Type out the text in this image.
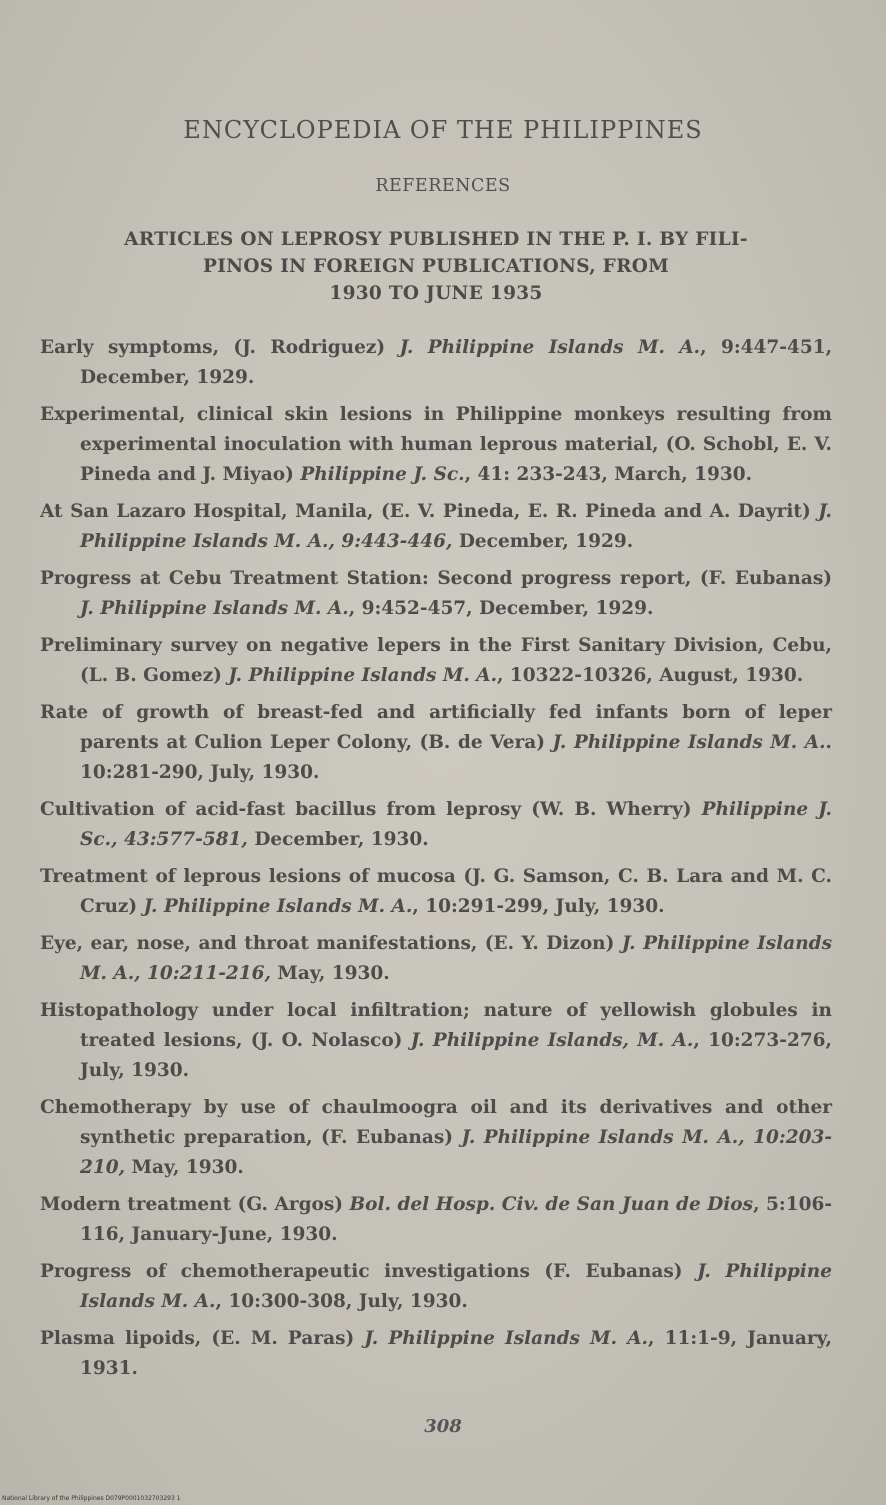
ENCYCLOPEDIA OF THE PHILIPPINES
REFERENCES
ARTICLES ON LEPROSY PUBLISHED IN THE P. I. BY FILI-
PINOS IN FOREIGN PUBLICATIONS, FROM
1930 TO JUNE 1935
Early symptoms, (J. Rodriguez) J. Philippine Islands M. A., 9:447-451, December, 1929.
Experimental, clinical skin lesions in Philippine monkeys resulting from experimental inoculation with human leprous material, (O. Schobl, E. V. Pineda and J. Miyao) Philippine J. Sc., 41: 233-243, March, 1930.
At San Lazaro Hospital, Manila, (E. V. Pineda, E. R. Pineda and A. Dayrit) J. Philippine Islands M. A., 9:443-446, December, 1929.
Progress at Cebu Treatment Station: Second progress report, (F. Eubanas) J. Philippine Islands M. A., 9:452-457, December, 1929.
Preliminary survey on negative lepers in the First Sanitary Division, Cebu, (L. B. Gomez) J. Philippine Islands M. A., 10322-10326, August, 1930.
Rate of growth of breast-fed and artificially fed infants born of leper parents at Culion Leper Colony, (B. de Vera) J. Philippine Islands M. A.. 10:281-290, July, 1930.
Cultivation of acid-fast bacillus from leprosy (W. B. Wherry) Philippine J. Sc., 43:577-581, December, 1930.
Treatment of leprous lesions of mucosa (J. G. Samson, C. B. Lara and M. C. Cruz) J. Philippine Islands M. A., 10:291-299, July, 1930.
Eye, ear, nose, and throat manifestations, (E. Y. Dizon) J. Philippine Islands M. A., 10:211-216, May, 1930.
Histopathology under local infiltration; nature of yellowish globules in treated lesions, (J. O. Nolasco) J. Philippine Islands, M. A., 10:273-276, July, 1930.
Chemotherapy by use of chaulmoogra oil and its derivatives and other synthetic preparation, (F. Eubanas) J. Philippine Islands M. A., 10:203-210, May, 1930.
Modern treatment (G. Argos) Bol. del Hosp. Civ. de San Juan de Dios, 5:106-116, January-June, 1930.
Progress of chemotherapeutic investigations (F. Eubanas) J. Philippine Islands M. A., 10:300-308, July, 1930.
Plasma lipoids, (E. M. Paras) J. Philippine Islands M. A., 11:1-9, January, 1931.
308
National Library of the Philippines D079P0001032703293 1
